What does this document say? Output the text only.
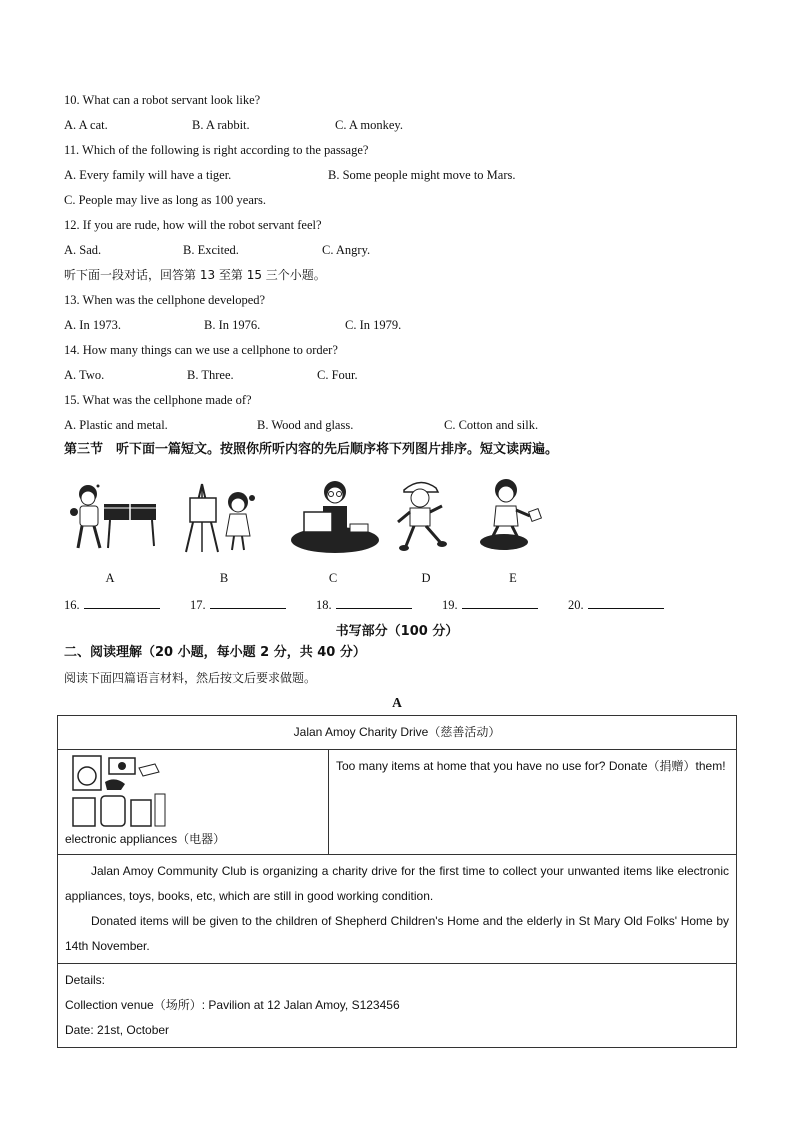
10. What can a robot servant look like?
A. A cat.	B. A rabbit.	C. A monkey.
11. Which of the following is right according to the passage?
A. Every family will have a tiger.	B. Some people might move to Mars.
C. People may live as long as 100 years.
12. If you are rude, how will the robot servant feel?
A. Sad.	B. Excited.	C. Angry.
听下面一段对话，回答第 13 至第 15 三个小题。
13. When was the cellphone developed?
A. In 1973.	B. In 1976.	C. In 1979.
14. How many things can we use a cellphone to order?
A. Two.	B. Three.	C. Four.
15. What was the cellphone made of?
A. Plastic and metal.	B. Wood and glass.	C. Cotton and silk.
第三节　听下面一篇短文。按照你所听内容的先后顺序将下列图片排序。短文读两遍。
A	B	C	D	E
16.	17.	18.	19.	20.
书写部分（100 分）
二、阅读理解（20 小题，每小题 2 分，共 40 分）
阅读下面四篇语言材料，然后按文后要求做题。
A
Jalan Amoy Charity Drive（慈善活动）

electronic appliances（电器）
	Too many items at home that you have no use for? Donate（捐赠）them!

Jalan Amoy Community Club is organizing a charity drive for the first time to collect your unwanted items like electronic appliances, toys, books, etc, which are still in good working condition.
Donated items will be given to the children of Shepherd Children's Home and the elderly in St Mary Old Folks' Home by 14th November.

Details:
Collection venue（场所）: Pavilion at 12 Jalan Amoy, S123456
Date: 21st, October
